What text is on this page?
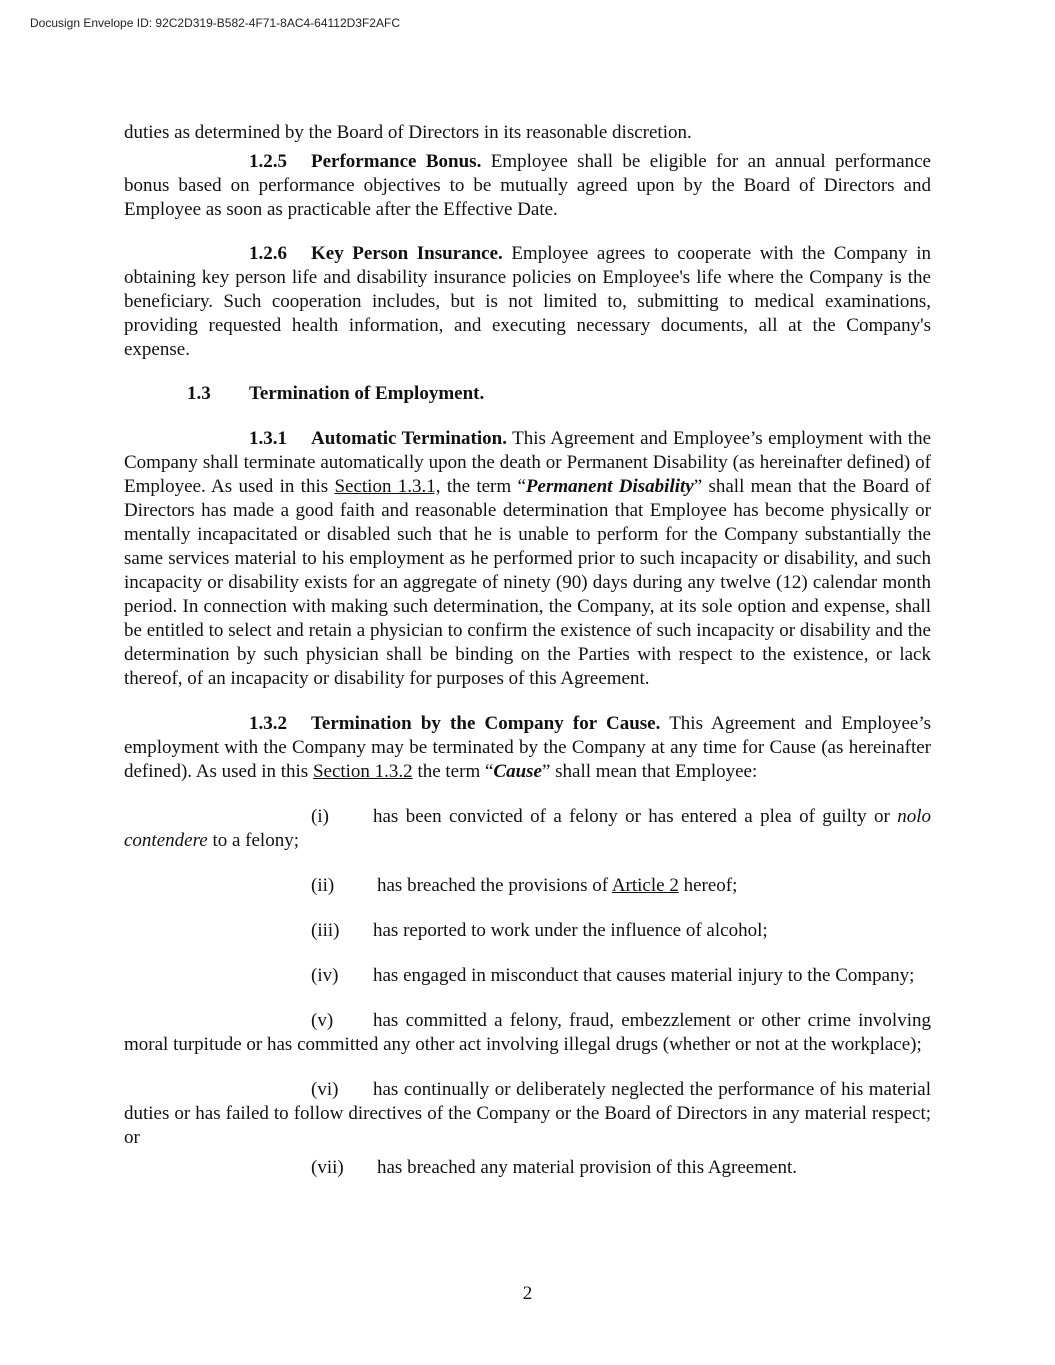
Docusign Envelope ID: 92C2D319-B582-4F71-8AC4-64112D3F2AFC

duties as determined by the Board of Directors in its reasonable discretion.

1.2.5 Performance Bonus. Employee shall be eligible for an annual performance bonus based on performance objectives to be mutually agreed upon by the Board of Directors and Employee as soon as practicable after the Effective Date.

1.2.6 Key Person Insurance. Employee agrees to cooperate with the Company in obtaining key person life and disability insurance policies on Employee's life where the Company is the beneficiary. Such cooperation includes, but is not limited to, submitting to medical examinations, providing requested health information, and executing necessary documents, all at the Company's expense.

1.3 Termination of Employment.

1.3.1 Automatic Termination. This Agreement and Employee’s employment with the Company shall terminate automatically upon the death or Permanent Disability (as hereinafter defined) of Employee. As used in this Section 1.3.1, the term “Permanent Disability” shall mean that the Board of Directors has made a good faith and reasonable determination that Employee has become physically or mentally incapacitated or disabled such that he is unable to perform for the Company substantially the same services material to his employment as he performed prior to such incapacity or disability, and such incapacity or disability exists for an aggregate of ninety (90) days during any twelve (12) calendar month period. In connection with making such determination, the Company, at its sole option and expense, shall be entitled to select and retain a physician to confirm the existence of such incapacity or disability and the determination by such physician shall be binding on the Parties with respect to the existence, or lack thereof, of an incapacity or disability for purposes of this Agreement.

1.3.2 Termination by the Company for Cause. This Agreement and Employee’s employment with the Company may be terminated by the Company at any time for Cause (as hereinafter defined). As used in this Section 1.3.2 the term “Cause” shall mean that Employee:

(i) has been convicted of a felony or has entered a plea of guilty or nolo contendere to a felony;

(ii) has breached the provisions of Article 2 hereof;

(iii) has reported to work under the influence of alcohol;

(iv) has engaged in misconduct that causes material injury to the Company;

(v) has committed a felony, fraud, embezzlement or other crime involving moral turpitude or has committed any other act involving illegal drugs (whether or not at the workplace);

(vi) has continually or deliberately neglected the performance of his material duties or has failed to follow directives of the Company or the Board of Directors in any material respect; or

(vii) has breached any material provision of this Agreement.

2
